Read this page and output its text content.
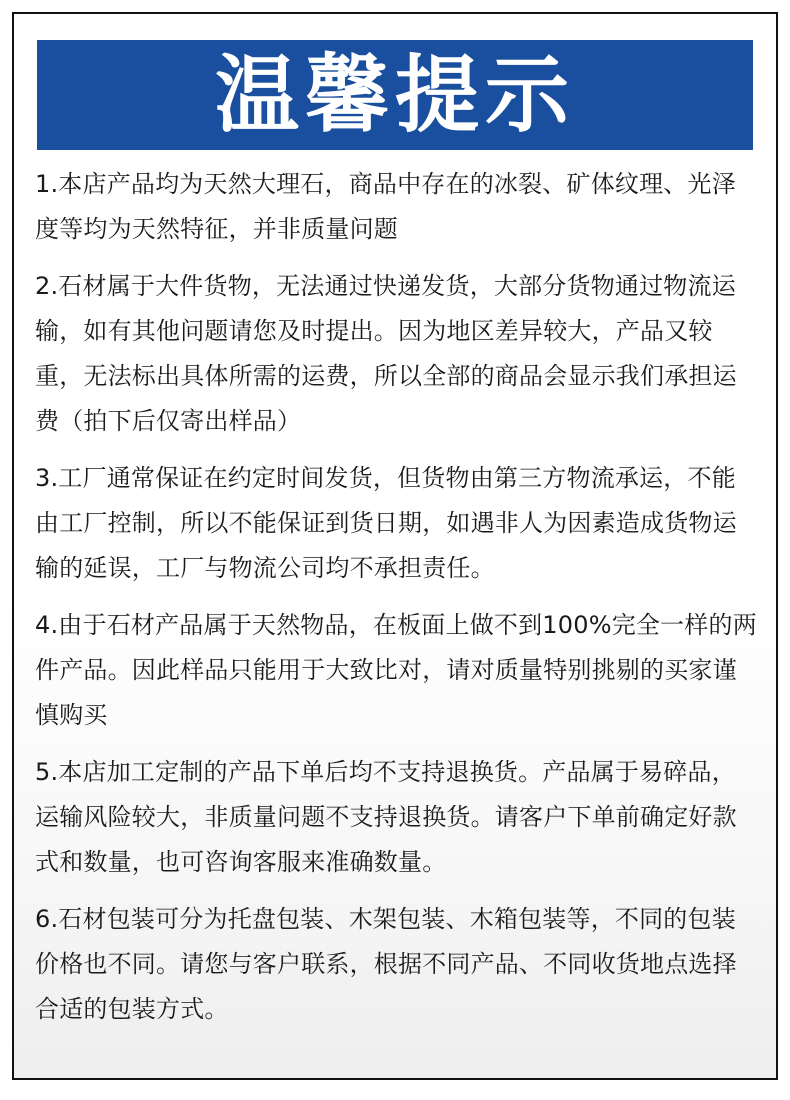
温馨提示

1.本店产品均为天然大理石，商品中存在的冰裂、矿体纹理、光泽度等均为天然特征，并非质量问题

2.石材属于大件货物，无法通过快递发货，大部分货物通过物流运输，如有其他问题请您及时提出。因为地区差异较大，产品又较重，无法标出具体所需的运费，所以全部的商品会显示我们承担运费（拍下后仅寄出样品）

3.工厂通常保证在约定时间发货，但货物由第三方物流承运，不能由工厂控制，所以不能保证到货日期，如遇非人为因素造成货物运输的延误，工厂与物流公司均不承担责任。

4.由于石材产品属于天然物品，在板面上做不到100%完全一样的两件产品。因此样品只能用于大致比对，请对质量特别挑剔的买家谨慎购买

5.本店加工定制的产品下单后均不支持退换货。产品属于易碎品，运输风险较大，非质量问题不支持退换货。请客户下单前确定好款式和数量，也可咨询客服来准确数量。

6.石材包装可分为托盘包装、木架包装、木箱包装等，不同的包装价格也不同。请您与客户联系，根据不同产品、不同收货地点选择合适的包装方式。
